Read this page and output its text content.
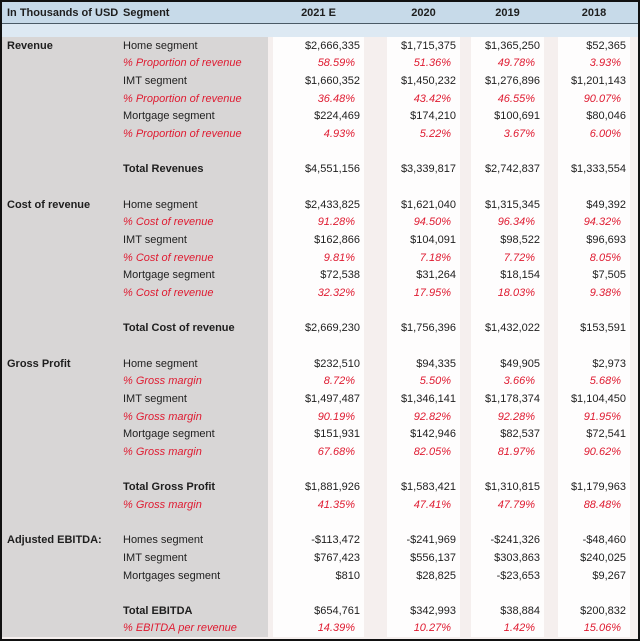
In Thousands of USD Segment	2021 E	2020	2019	2018
Revenue	Home segment	$2,666,335	$1,715,375	$1,365,250	$52,365
% Proportion of revenue	58.59%	51.36%	49.78%	3.93%
IMT segment	$1,660,352	$1,450,232	$1,276,896	$1,201,143
% Proportion of revenue	36.48%	43.42%	46.55%	90.07%
Mortgage segment	$224,469	$174,210	$100,691	$80,046
% Proportion of revenue	4.93%	5.22%	3.67%	6.00%
Total Revenues	$4,551,156	$3,339,817	$2,742,837	$1,333,554
Cost of revenue	Home segment	$2,433,825	$1,621,040	$1,315,345	$49,392
% Cost of revenue	91.28%	94.50%	96.34%	94.32%
IMT segment	$162,866	$104,091	$98,522	$96,693
% Cost of revenue	9.81%	7.18%	7.72%	8.05%
Mortgage segment	$72,538	$31,264	$18,154	$7,505
% Cost of revenue	32.32%	17.95%	18.03%	9.38%
Total Cost of revenue	$2,669,230	$1,756,396	$1,432,022	$153,591
Gross Profit	Home segment	$232,510	$94,335	$49,905	$2,973
% Gross margin	8.72%	5.50%	3.66%	5.68%
IMT segment	$1,497,487	$1,346,141	$1,178,374	$1,104,450
% Gross margin	90.19%	92.82%	92.28%	91.95%
Mortgage segment	$151,931	$142,946	$82,537	$72,541
% Gross margin	67.68%	82.05%	81.97%	90.62%
Total Gross Profit	$1,881,926	$1,583,421	$1,310,815	$1,179,963
% Gross margin	41.35%	47.41%	47.79%	88.48%
Adjusted EBITDA:	Homes segment	-$113,472	-$241,969	-$241,326	-$48,460
IMT segment	$767,423	$556,137	$303,863	$240,025
Mortgages segment	$810	$28,825	-$23,653	$9,267
Total EBITDA	$654,761	$342,993	$38,884	$200,832
% EBITDA per revenue	14.39%	10.27%	1.42%	15.06%
